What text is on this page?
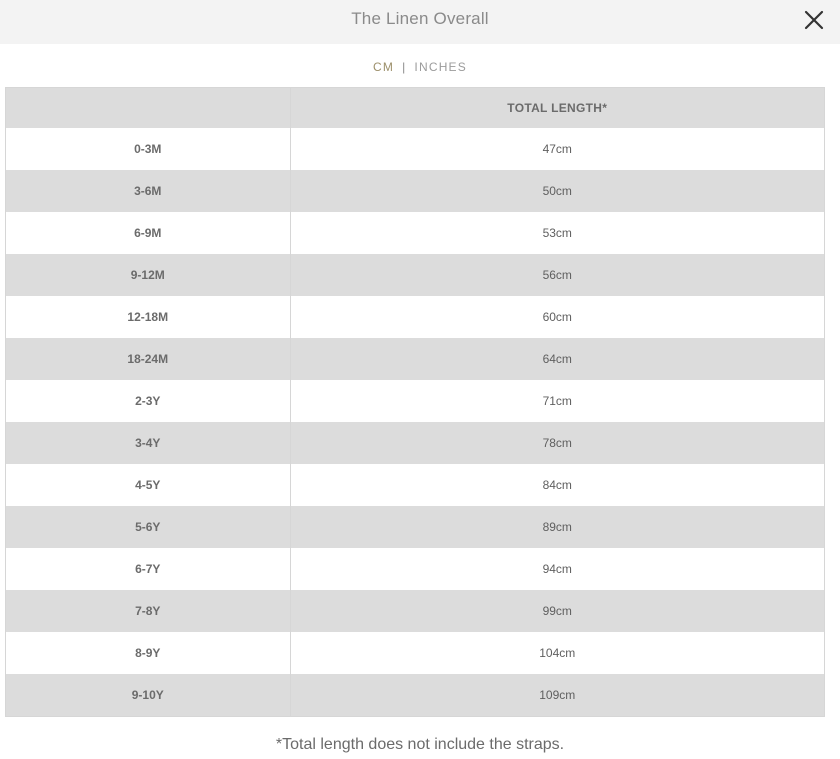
The Linen Overall
CM | INCHES
	TOTAL LENGTH*
0-3M	47cm
3-6M	50cm
6-9M	53cm
9-12M	56cm
12-18M	60cm
18-24M	64cm
2-3Y	71cm
3-4Y	78cm
4-5Y	84cm
5-6Y	89cm
6-7Y	94cm
7-8Y	99cm
8-9Y	104cm
9-10Y	109cm
*Total length does not include the straps.
